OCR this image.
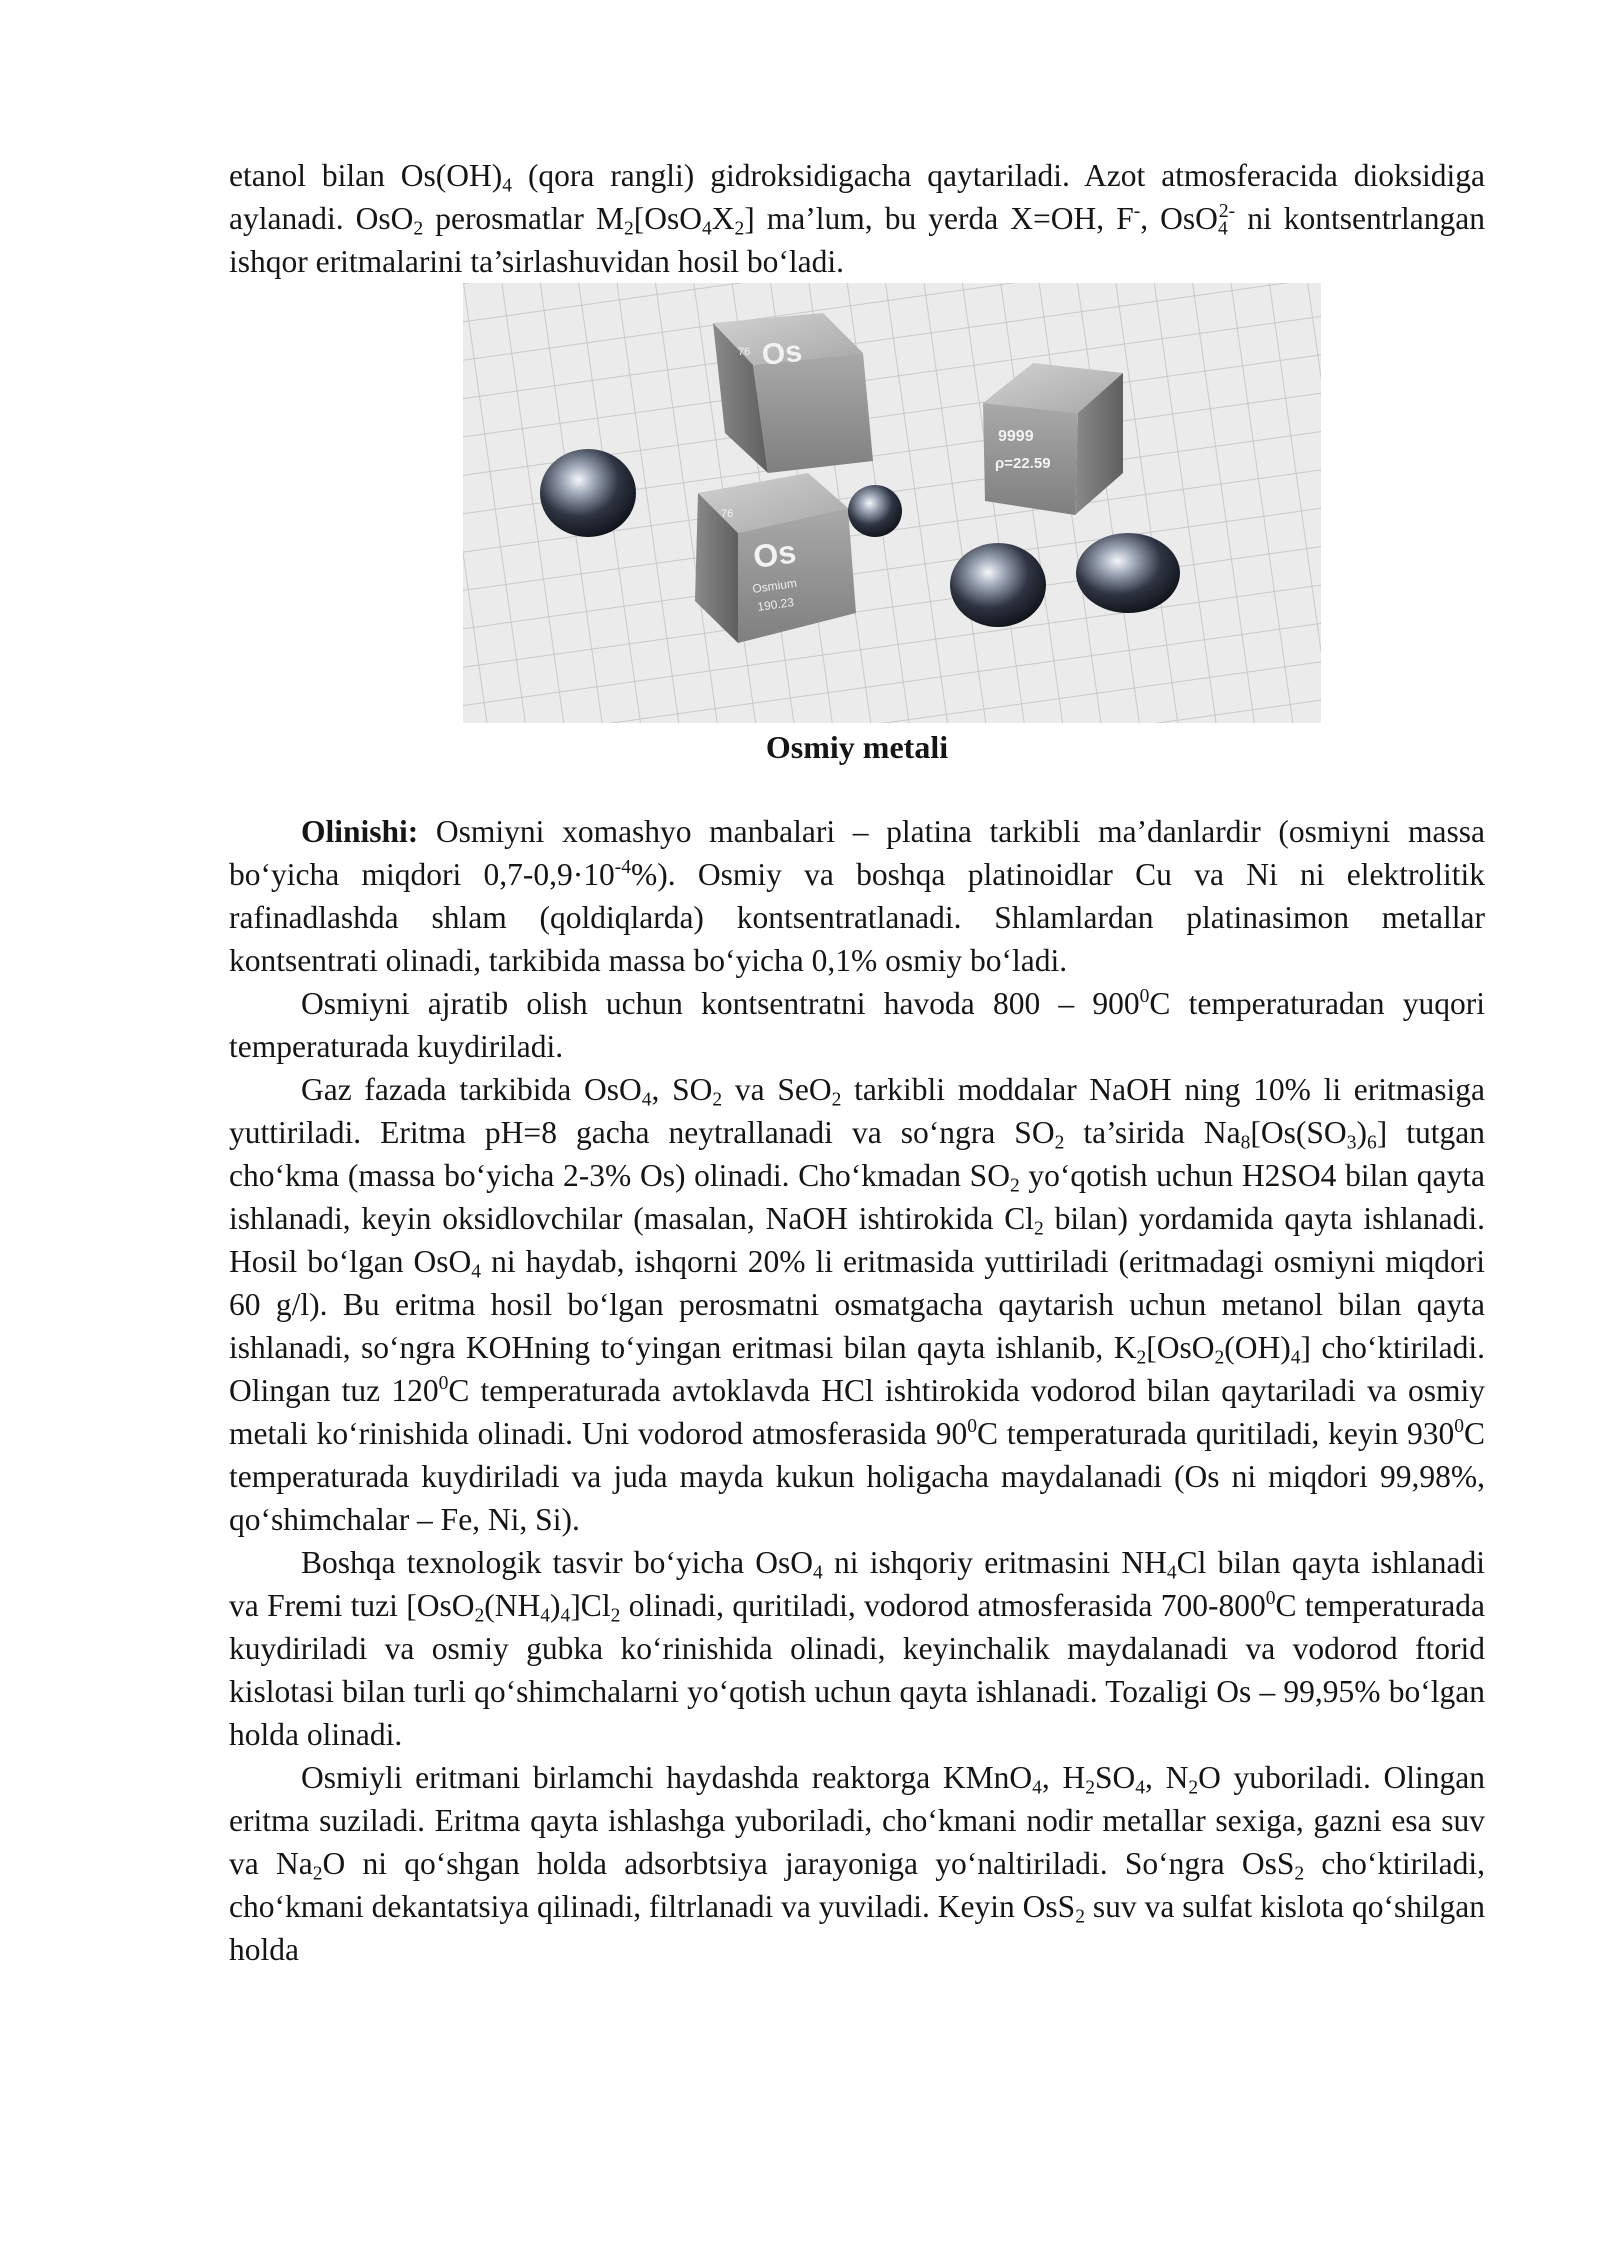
etanol bilan $Os(OH)_4$ (qora rangli) gidroksidigacha qaytariladi. Azot atmosferacida dioksidiga aylanadi. OsO$_2$ perosmatlar $M_2[OsO_4X_2]$ ma’lum, bu yerda X=OH, F-, OsO$_4^{2-}$ ni kontsentrlangan ishqor eritmalarini ta’sirlashuvidan hosil bo‘ladi.

76 Os
9999
ρ=22.59
76
Os
Osmium
190.23
Osmiy metali

Olinishi: Osmiyni xomashyo manbalari – platina tarkibli ma’danlardir (osmiyni massa bo‘yicha miqdori $0,7-0,9\cdot 10^{-4}\%$). Osmiy va boshqa platinoidlar Cu va Ni ni elektrolitik rafinadlashda shlam (qoldiqlarda) kontsentratlanadi. Shlamlardan platinasimon metallar kontsentrati olinadi, tarkibida massa bo‘yicha 0,1% osmiy bo‘ladi.

Osmiyni ajratib olish uchun kontsentratni havoda $800 - 900^0C$ temperaturadan yuqori temperaturada kuydiriladi.

Gaz fazada tarkibida OsO$_4$, $SO_2$ va SeO$_2$ tarkibli moddalar NaOH ning 10% li eritmasiga yuttiriladi. Eritma pH=8 gacha neytrallanadi va so‘ngra $SO_2$ ta’sirida $Na_8[Os(SO_3)_6]$ tutgan cho‘kma (massa bo‘yicha 2-3% Os) olinadi. Cho‘kmadan $SO_2$ yo‘qotish uchun H2SO4 bilan qayta ishlanadi, keyin oksidlovchilar (masalan, NaOH ishtirokida $Cl_2$ bilan) yordamida qayta ishlanadi. Hosil bo‘lgan OsO$_4$ ni haydab, ishqorni 20% li eritmasida yuttiriladi (eritmadagi osmiyni miqdori 60 g/l). Bu eritma hosil bo‘lgan perosmatni osmatgacha qaytarish uchun metanol bilan qayta ishlanadi, so‘ngra KOHning to‘yingan eritmasi bilan qayta ishlanib, $K_2[OsO_2(OH)_4]$ cho‘ktiriladi. Olingan tuz $120^0C$ temperaturada avtoklavda HCl ishtirokida vodorod bilan qaytariladi va osmiy metali ko‘rinishida olinadi. Uni vodorod atmosferasida $90^0C$ temperaturada quritiladi, keyin $930^0C$ temperaturada kuydiriladi va juda mayda kukun holigacha maydalanadi (Os ni miqdori 99,98%, qo‘shimchalar – Fe, Ni, Si).

Boshqa texnologik tasvir bo‘yicha OsO$_4$ ni ishqoriy eritmasini $NH_4Cl$ bilan qayta ishlanadi va Fremi tuzi $[OsO_2(NH_4)_4]Cl_2$ olinadi, quritiladi, vodorod atmosferasida $700-800^0C$ temperaturada kuydiriladi va osmiy gubka ko‘rinishida olinadi, keyinchalik maydalanadi va vodorod ftorid kislotasi bilan turli qo‘shimchalarni yo‘qotish uchun qayta ishlanadi. Tozaligi Os – 99,95% bo‘lgan holda olinadi.

Osmiyli eritmani birlamchi haydashda reaktorga KMnO$_4$, $H_2SO_4$, $N_2O$ yuboriladi. Olingan eritma suziladi. Eritma qayta ishlashga yuboriladi, cho‘kmani nodir metallar sexiga, gazni esa suv va $Na_2O$ ni qo‘shgan holda adsorbtsiya jarayoniga yo‘naltiriladi. So‘ngra OsS$_2$ cho‘ktiriladi, cho‘kmani dekantatsiya qilinadi, filtrlanadi va yuviladi. Keyin OsS$_2$ suv va sulfat kislota qo‘shilgan holda
